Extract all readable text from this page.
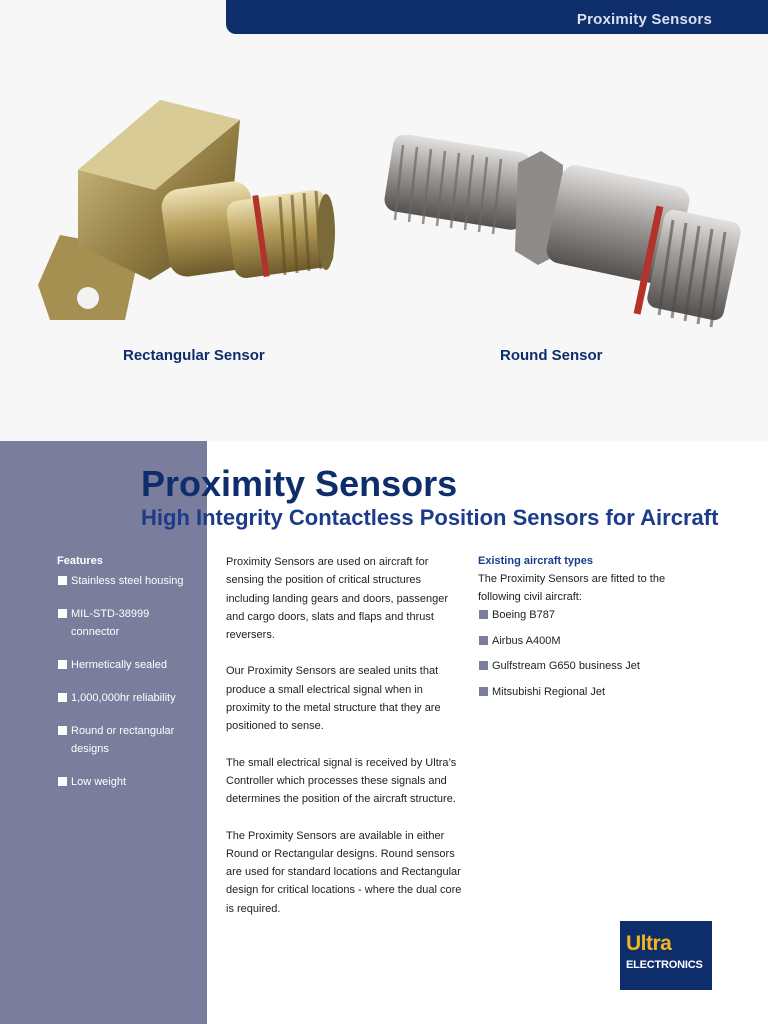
Proximity Sensors
Rectangular Sensor	Round Sensor
Proximity Sensors
High Integrity Contactless Position Sensors for Aircraft
Features
Stainless steel housing
MIL-STD-38999 connector
Hermetically sealed
1,000,000hr reliability
Round or rectangular designs
Low weight

Proximity Sensors are used on aircraft for sensing the position of critical structures including landing gears and doors, passenger and cargo doors, slats and flaps and thrust reversers.

Our Proximity Sensors are sealed units that produce a small electrical signal when in proximity to the metal structure that they are positioned to sense.

The small electrical signal is received by Ultra’s Controller which processes these signals and determines the position of the aircraft structure.

The Proximity Sensors are available in either Round or Rectangular designs. Round sensors are used for standard locations and Rectangular design for critical locations - where the dual core is required.

Existing aircraft types

The Proximity Sensors are fitted to the following civil aircraft:

Boeing B787
Airbus A400M
Gulfstream G650 business Jet
Mitsubishi Regional Jet
Ultra
ELECTRONICS
